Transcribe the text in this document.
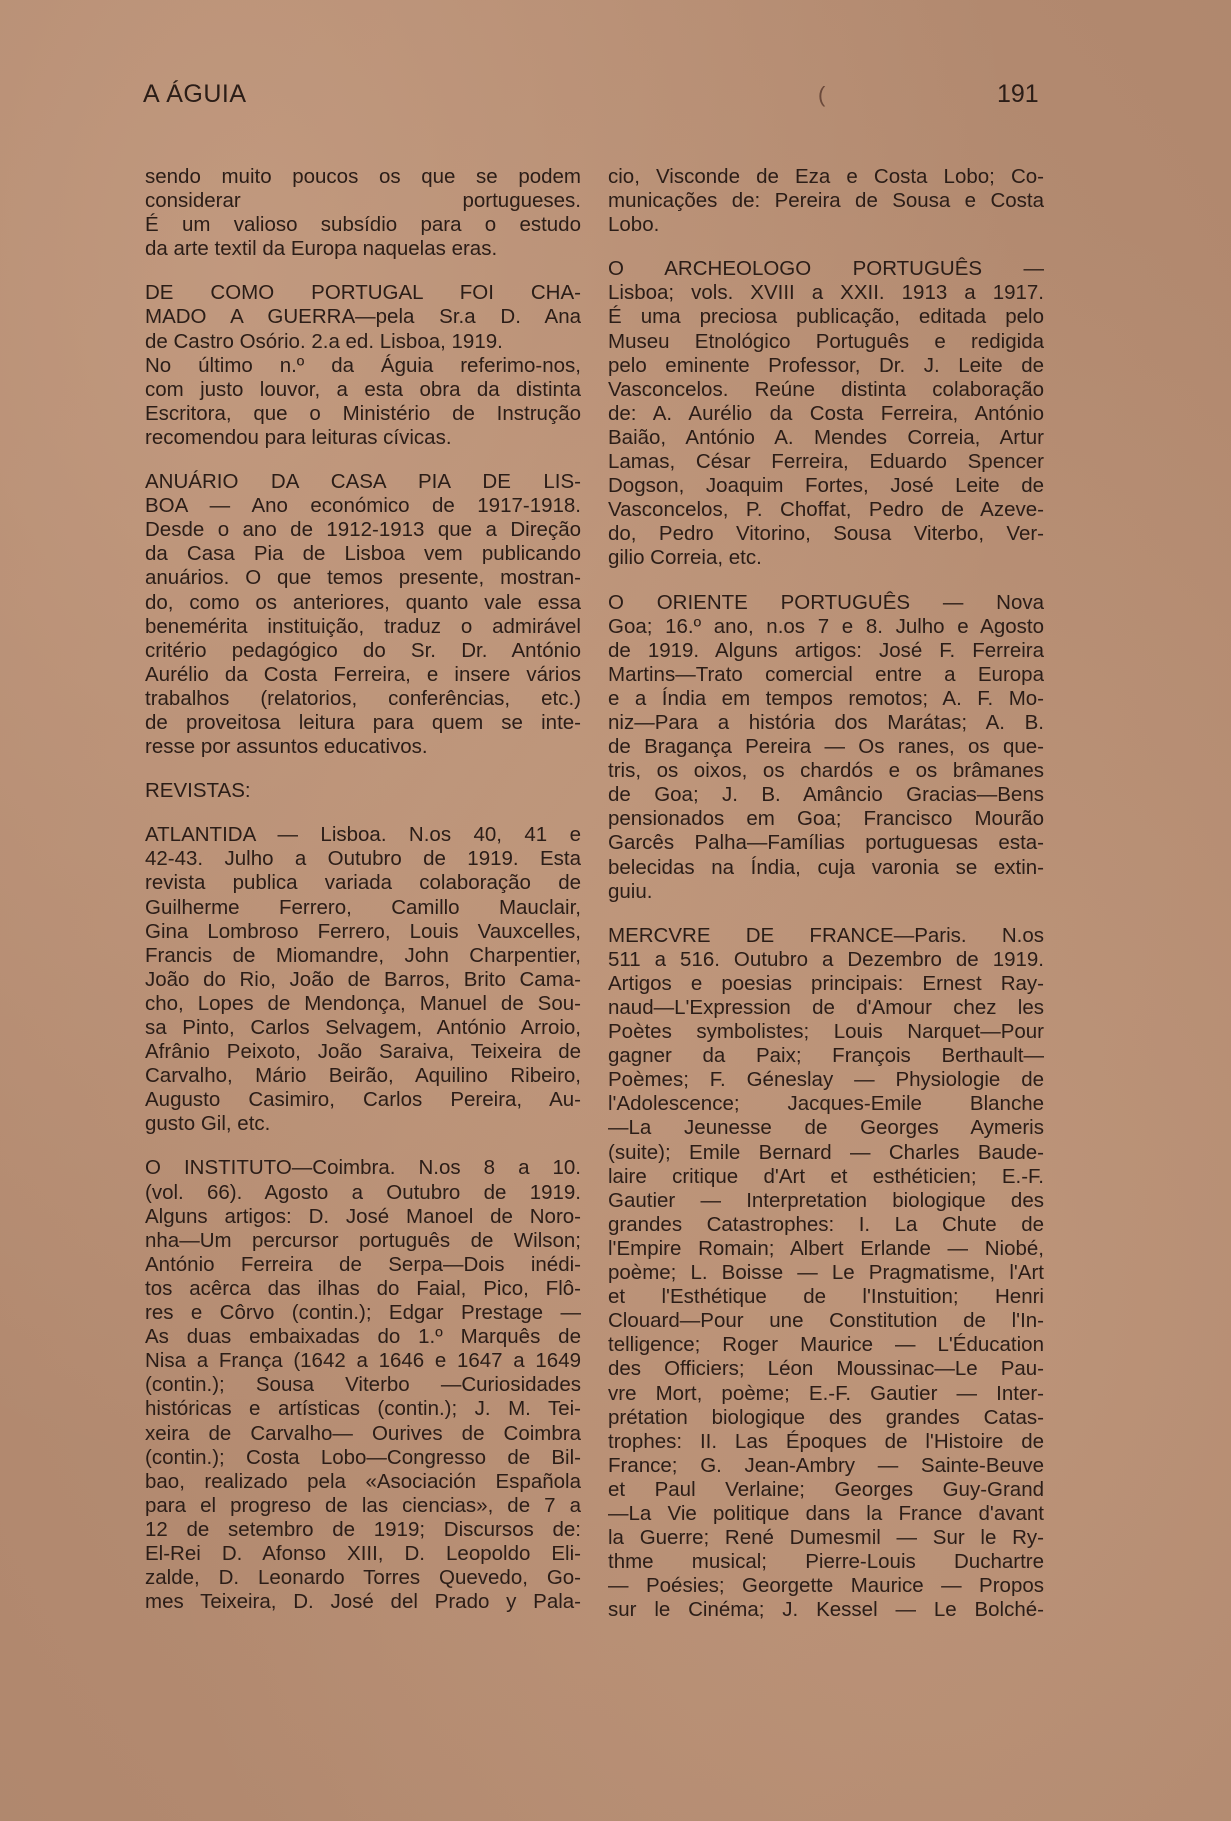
A ÁGUIA	(	191
sendo muito poucos os que se podem
considerar portugueses.
É um valioso subsídio para o estudo
da arte textil da Europa naquelas eras.
DE COMO PORTUGAL FOI CHA-
MADO A GUERRA—pela Sr.a D. Ana
de Castro Osório. 2.a ed. Lisboa, 1919.
No último n.º da Águia referimo-nos,
com justo louvor, a esta obra da distinta
Escritora, que o Ministério de Instrução
recomendou para leituras cívicas.
ANUÁRIO DA CASA PIA DE LIS-
BOA — Ano económico de 1917-1918.
Desde o ano de 1912-1913 que a Direção
da Casa Pia de Lisboa vem publicando
anuários. O que temos presente, mostran-
do, como os anteriores, quanto vale essa
benemérita instituição, traduz o admirável
critério pedagógico do Sr. Dr. António
Aurélio da Costa Ferreira, e insere vários
trabalhos (relatorios, conferências, etc.)
de proveitosa leitura para quem se inte-
resse por assuntos educativos.
REVISTAS:
ATLANTIDA — Lisboa. N.os 40, 41 e
42-43. Julho a Outubro de 1919. Esta
revista publica variada colaboração de
Guilherme Ferrero, Camillo Mauclair,
Gina Lombroso Ferrero, Louis Vauxcelles,
Francis de Miomandre, John Charpentier,
João do Rio, João de Barros, Brito Cama-
cho, Lopes de Mendonça, Manuel de Sou-
sa Pinto, Carlos Selvagem, António Arroio,
Afrânio Peixoto, João Saraiva, Teixeira de
Carvalho, Mário Beirão, Aquilino Ribeiro,
Augusto Casimiro, Carlos Pereira, Au-
gusto Gil, etc.
O INSTITUTO—Coimbra. N.os 8 a 10.
(vol. 66). Agosto a Outubro de 1919.
Alguns artigos: D. José Manoel de Noro-
nha—Um percursor português de Wilson;
António Ferreira de Serpa—Dois inédi-
tos acêrca das ilhas do Faial, Pico, Flô-
res e Côrvo (contin.); Edgar Prestage —
As duas embaixadas do 1.º Marquês de
Nisa a França (1642 a 1646 e 1647 a 1649
(contin.); Sousa Viterbo —Curiosidades
históricas e artísticas (contin.); J. M. Tei-
xeira de Carvalho— Ourives de Coimbra
(contin.); Costa Lobo—Congresso de Bil-
bao, realizado pela «Asociación Española
para el progreso de las ciencias», de 7 a
12 de setembro de 1919; Discursos de:
El-Rei D. Afonso XIII, D. Leopoldo Eli-
zalde, D. Leonardo Torres Quevedo, Go-
mes Teixeira, D. José del Prado y Pala-
cio, Visconde de Eza e Costa Lobo; Co-
municações de: Pereira de Sousa e Costa
Lobo.
O ARCHEOLOGO PORTUGUÊS —
Lisboa; vols. XVIII a XXII. 1913 a 1917.
É uma preciosa publicação, editada pelo
Museu Etnológico Português e redigida
pelo eminente Professor, Dr. J. Leite de
Vasconcelos. Reúne distinta colaboração
de: A. Aurélio da Costa Ferreira, António
Baião, António A. Mendes Correia, Artur
Lamas, César Ferreira, Eduardo Spencer
Dogson, Joaquim Fortes, José Leite de
Vasconcelos, P. Choffat, Pedro de Azeve-
do, Pedro Vitorino, Sousa Viterbo, Ver-
gilio Correia, etc.
O ORIENTE PORTUGUÊS — Nova
Goa; 16.º ano, n.os 7 e 8. Julho e Agosto
de 1919. Alguns artigos: José F. Ferreira
Martins—Trato comercial entre a Europa
e a Índia em tempos remotos; A. F. Mo-
niz—Para a história dos Marátas; A. B.
de Bragança Pereira — Os ranes, os que-
tris, os oixos, os chardós e os brâmanes
de Goa; J. B. Amâncio Gracias—Bens
pensionados em Goa; Francisco Mourão
Garcês Palha—Famílias portuguesas esta-
belecidas na Índia, cuja varonia se extin-
guiu.
MERCVRE DE FRANCE—Paris. N.os
511 a 516. Outubro a Dezembro de 1919.
Artigos e poesias principais: Ernest Ray-
naud—L'Expression de d'Amour chez les
Poètes symbolistes; Louis Narquet—Pour
gagner da Paix; François Berthault—
Poèmes; F. Géneslay — Physiologie de
l'Adolescence; Jacques-Emile Blanche
—La Jeunesse de Georges Aymeris
(suite); Emile Bernard — Charles Baude-
laire critique d'Art et esthéticien; E.-F.
Gautier — Interpretation biologique des
grandes Catastrophes: I. La Chute de
l'Empire Romain; Albert Erlande — Niobé,
poème; L. Boisse — Le Pragmatisme, l'Art
et l'Esthétique de l'Instuition; Henri
Clouard—Pour une Constitution de l'In-
telligence; Roger Maurice — L'Éducation
des Officiers; Léon Moussinac—Le Pau-
vre Mort, poème; E.-F. Gautier — Inter-
prétation biologique des grandes Catas-
trophes: II. Las Époques de l'Histoire de
France; G. Jean-Ambry — Sainte-Beuve
et Paul Verlaine; Georges Guy-Grand
—La Vie politique dans la France d'avant
la Guerre; René Dumesmil — Sur le Ry-
thme musical; Pierre-Louis Duchartre
— Poésies; Georgette Maurice — Propos
sur le Cinéma; J. Kessel — Le Bolché-
